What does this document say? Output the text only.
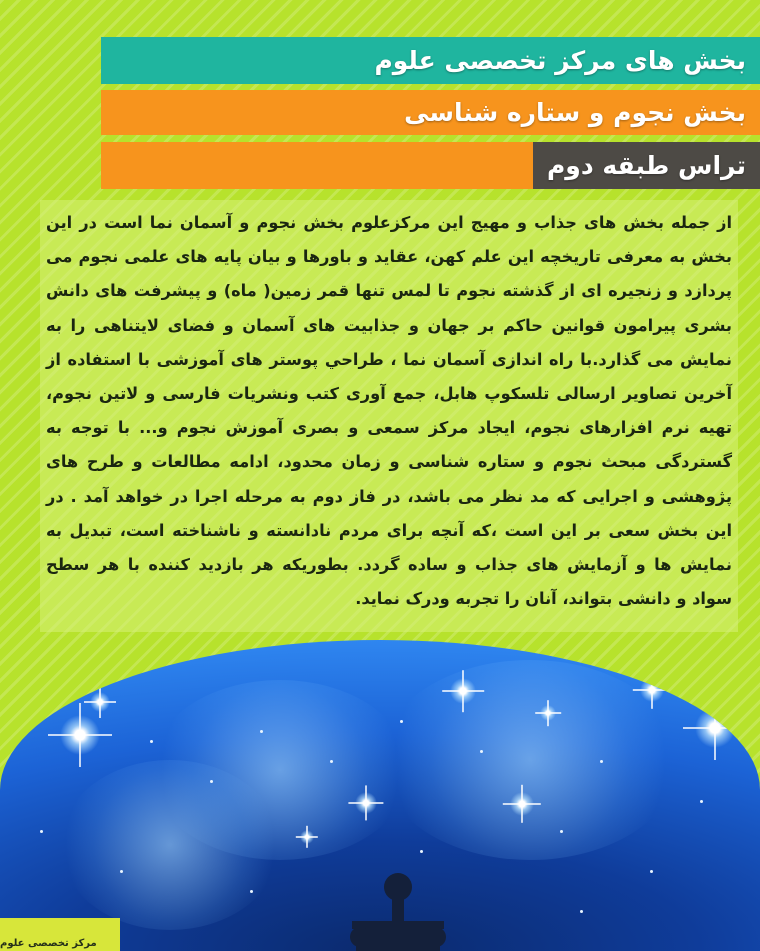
بخش های مرکز تخصصی علوم
بخش نجوم و ستاره شناسی
تراس طبقه دوم

از جمله بخش های جذاب و مهیج این مرکزعلوم بخش نجوم و آسمان نما است در این بخش به معرفی تاریخچه این علم کهن، عقاید و باورها و بیان پایه های علمی نجوم می پردازد و زنجیره ای از گذشته نجوم تا لمس تنها قمر زمین( ماه) و پیشرفت های دانش بشری پیرامون قوانین حاکم بر جهان و جذابیت های آسمان و فضای لایتناهی را به نمایش می گذارد.با راه اندازی آسمان نما ، طراحي پوستر های آموزشی با استفاده از آخرین تصاویر ارسالی تلسکوپ هابل، جمع آوری کتب ونشریات فارسی و لاتین نجوم، تهیه نرم افزارهای نجوم، ایجاد مرکز سمعی و بصری آموزش نجوم و... با توجه به گستردگی مبحث نجوم و ستاره شناسی و زمان محدود، ادامه مطالعات و طرح های پژوهشی و اجرایی که مد نظر می باشد، در فاز دوم به مرحله اجرا در خواهد آمد . در این بخش سعی بر این است ،که آنچه برای مردم نادانسته و ناشناخته است، تبدیل به نمایش ها و آزمایش های جذاب و ساده گردد. بطوریکه هر بازدید کننده با هر سطح سواد و دانشی بتواند، آنان را تجربه ودرک نماید.

مرکز تخصصی علوم
